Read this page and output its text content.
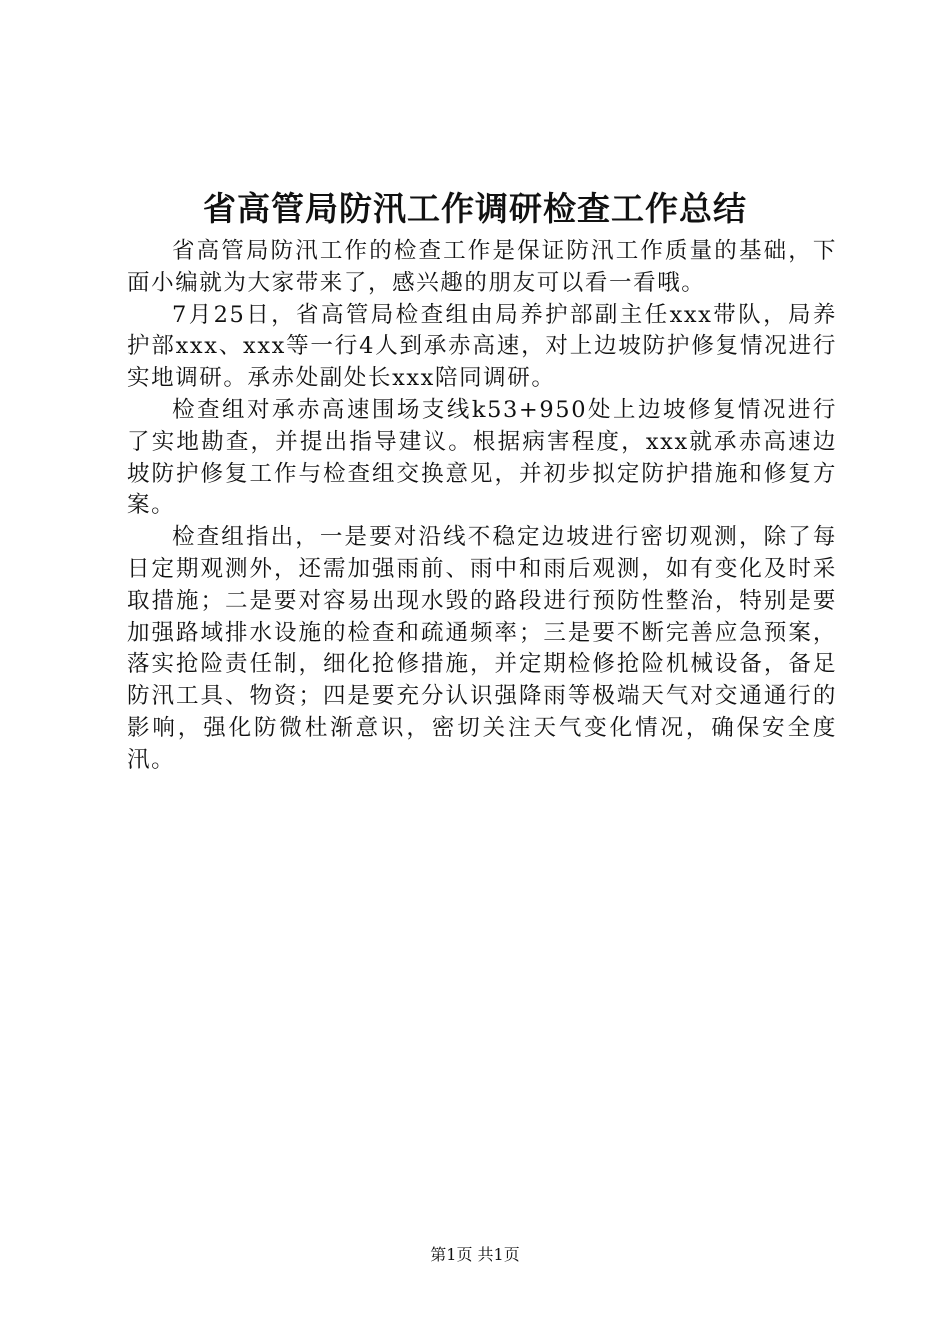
省高管局防汛工作调研检查工作总结

省高管局防汛工作的检查工作是保证防汛工作质量的基础，下面小编就为大家带来了，感兴趣的朋友可以看一看哦。

7月25日，省高管局检查组由局养护部副主任xxx带队，局养护部xxx、xxx等一行4人到承赤高速，对上边坡防护修复情况进行实地调研。承赤处副处长xxx陪同调研。

检查组对承赤高速围场支线k53+950处上边坡修复情况进行了实地勘查，并提出指导建议。根据病害程度，xxx就承赤高速边坡防护修复工作与检查组交换意见，并初步拟定防护措施和修复方案。

检查组指出，一是要对沿线不稳定边坡进行密切观测，除了每日定期观测外，还需加强雨前、雨中和雨后观测，如有变化及时采取措施；二是要对容易出现水毁的路段进行预防性整治，特别是要加强路域排水设施的检查和疏通频率；三是要不断完善应急预案，落实抢险责任制，细化抢修措施，并定期检修抢险机械设备，备足防汛工具、物资；四是要充分认识强降雨等极端天气对交通通行的影响，强化防微杜渐意识，密切关注天气变化情况，确保安全度汛。

第1页 共1页
